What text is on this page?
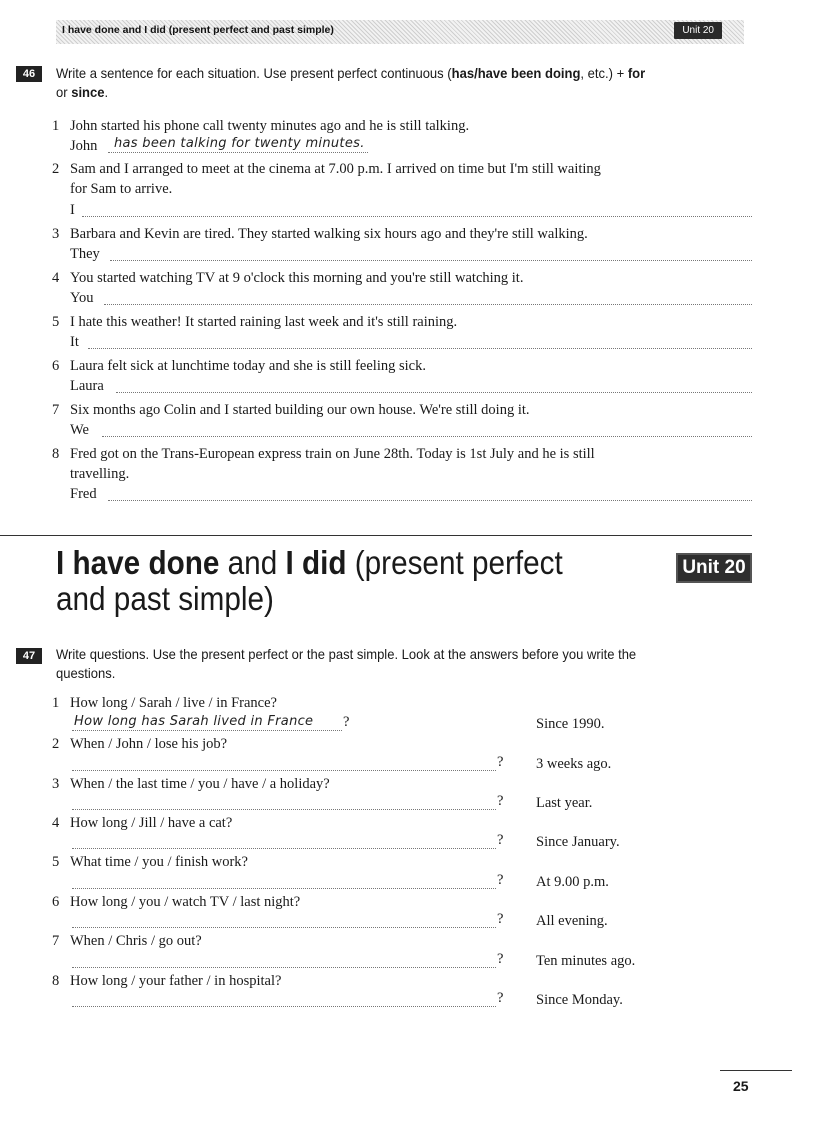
I have done and I did (present perfect and past simple)	Unit 20
46	Write a sentence for each situation. Use present perfect continuous (has/have been doing, etc.) + for
or since.
1 John started his phone call twenty minutes ago and he is still talking.
John has been talking for twenty minutes.
2 Sam and I arranged to meet at the cinema at 7.00 p.m. I arrived on time but I'm still waiting
for Sam to arrive.
I
3 Barbara and Kevin are tired. They started walking six hours ago and they're still walking.
They
4 You started watching TV at 9 o'clock this morning and you're still watching it.
You
5 I hate this weather! It started raining last week and it's still raining.
It
6 Laura felt sick at lunchtime today and she is still feeling sick.
Laura
7 Six months ago Colin and I started building our own house. We're still doing it.
We
8 Fred got on the Trans-European express train on June 28th. Today is 1st July and he is still
travelling.
Fred
I have done and I did (present perfect
and past simple)
Unit 20
47	Write questions. Use the present perfect or the past simple. Look at the answers before you write the
questions.
1 How long / Sarah / live / in France?
How long has Sarah lived in France ?	Since 1990.
2 When / John / lose his job?
? 3 weeks ago.
3 When / the last time / you / have / a holiday?
? Last year.
4 How long / Jill / have a cat?
? Since January.
5 What time / you / finish work?
? At 9.00 p.m.
6 How long / you / watch TV / last night?
? All evening.
7 When / Chris / go out?
? Ten minutes ago.
8 How long / your father / in hospital?
? Since Monday.
25
